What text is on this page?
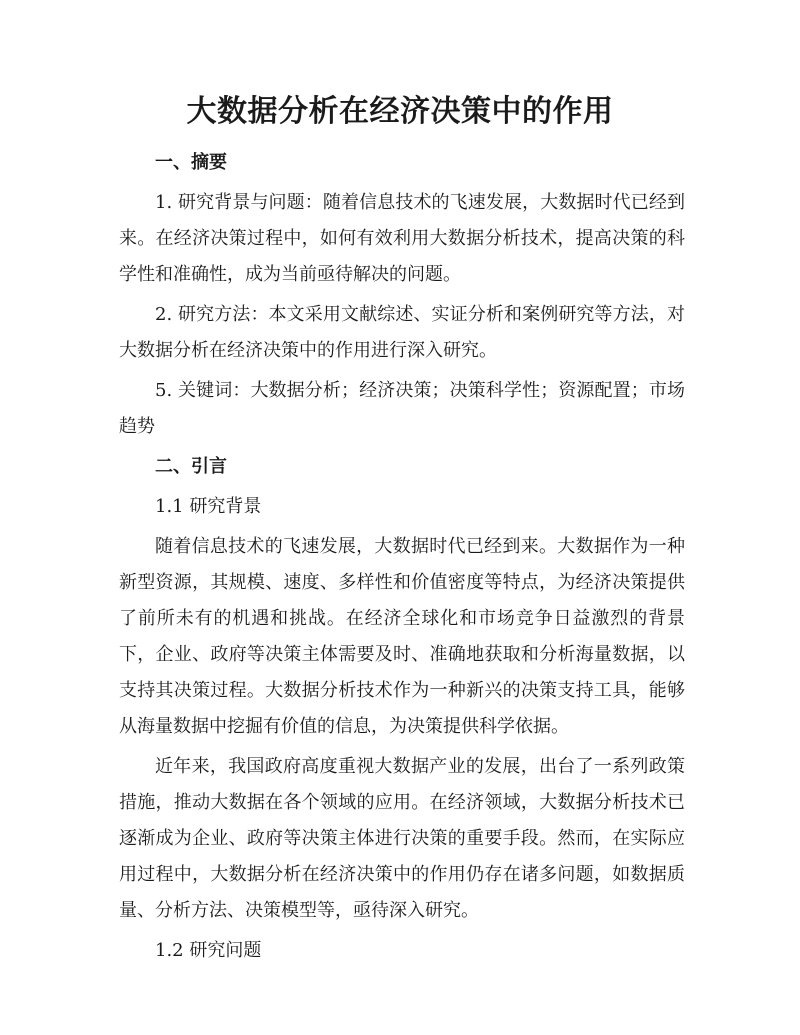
大数据分析在经济决策中的作用
一、摘要
1. 研究背景与问题：随着信息技术的飞速发展，大数据时代已经到来。在经济决策过程中，如何有效利用大数据分析技术，提高决策的科学性和准确性，成为当前亟待解决的问题。
2. 研究方法：本文采用文献综述、实证分析和案例研究等方法，对大数据分析在经济决策中的作用进行深入研究。
5. 关键词：大数据分析；经济决策；决策科学性；资源配置；市场趋势
二、引言
1.1 研究背景
随着信息技术的飞速发展，大数据时代已经到来。大数据作为一种新型资源，其规模、速度、多样性和价值密度等特点，为经济决策提供了前所未有的机遇和挑战。在经济全球化和市场竞争日益激烈的背景下，企业、政府等决策主体需要及时、准确地获取和分析海量数据，以支持其决策过程。大数据分析技术作为一种新兴的决策支持工具，能够从海量数据中挖掘有价值的信息，为决策提供科学依据。
近年来，我国政府高度重视大数据产业的发展，出台了一系列政策措施，推动大数据在各个领域的应用。在经济领域，大数据分析技术已逐渐成为企业、政府等决策主体进行决策的重要手段。然而，在实际应用过程中，大数据分析在经济决策中的作用仍存在诸多问题，如数据质量、分析方法、决策模型等，亟待深入研究。
1.2 研究问题
